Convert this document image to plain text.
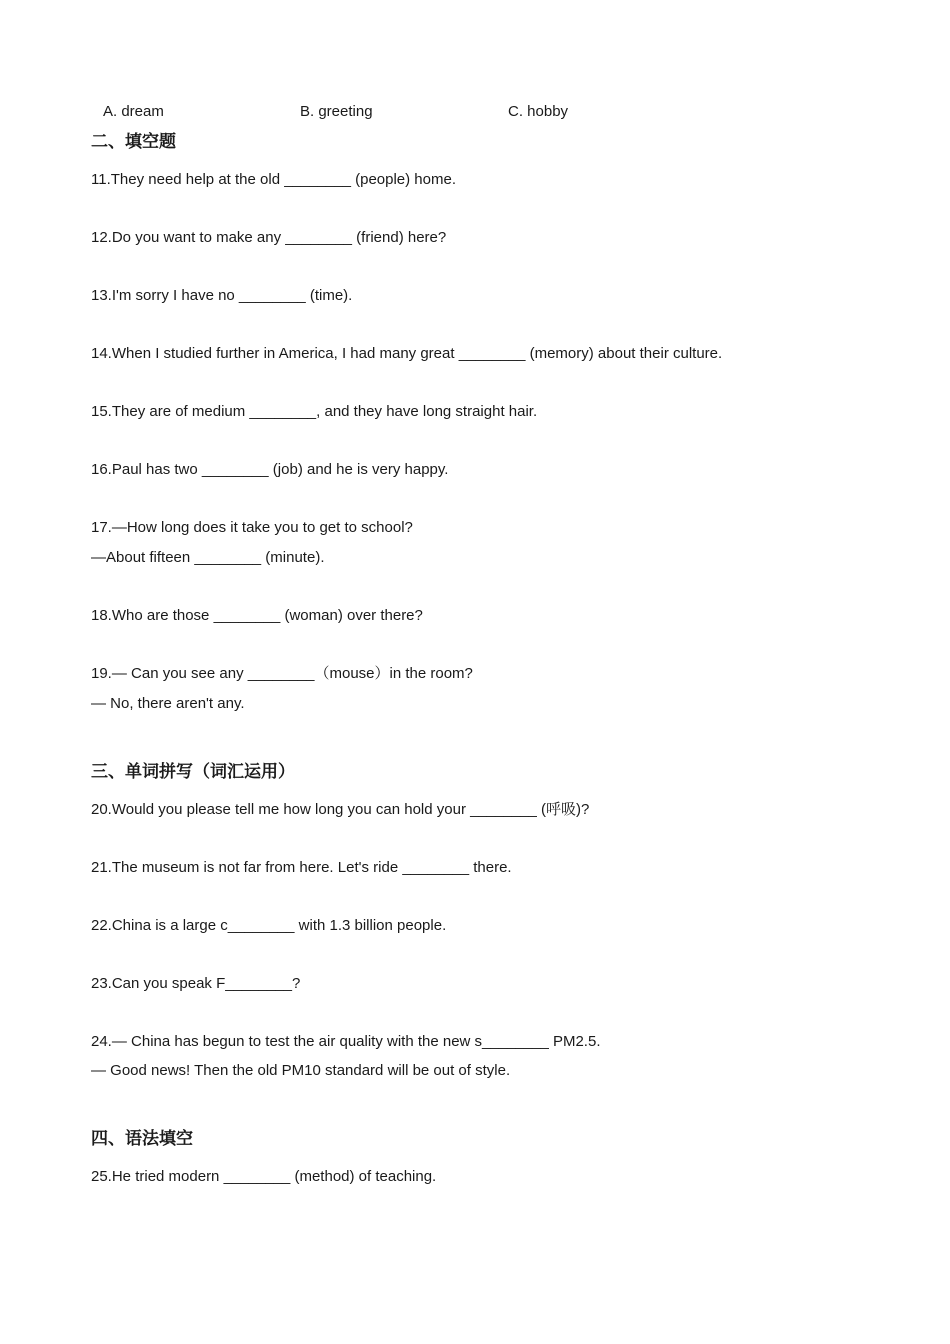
A. dream	B. greeting	C. hobby
二、填空题
11.They need help at the old ________ (people) home.
12.Do you want to make any ________ (friend) here?
13.I'm sorry I have no ________ (time).
14.When I studied further in America, I had many great ________ (memory) about their culture.
15.They are of medium ________, and they have long straight hair.
16.Paul has two ________ (job) and he is very happy.
17.—How long does it take you to get to school?
—About fifteen ________ (minute).
18.Who are those ________ (woman) over there?
19.— Can you see any ________（mouse）in the room?
— No, there aren't any.
三、单词拼写（词汇运用）
20.Would you please tell me how long you can hold your ________ (呼吸)?
21.The museum is not far from here. Let's ride ________ there.
22.China is a large c________ with 1.3 billion people.
23.Can you speak F________?
24.— China has begun to test the air quality with the new s________ PM2.5.
— Good news! Then the old PM10 standard will be out of style.
四、语法填空
25.He tried modern ________ (method) of teaching.
